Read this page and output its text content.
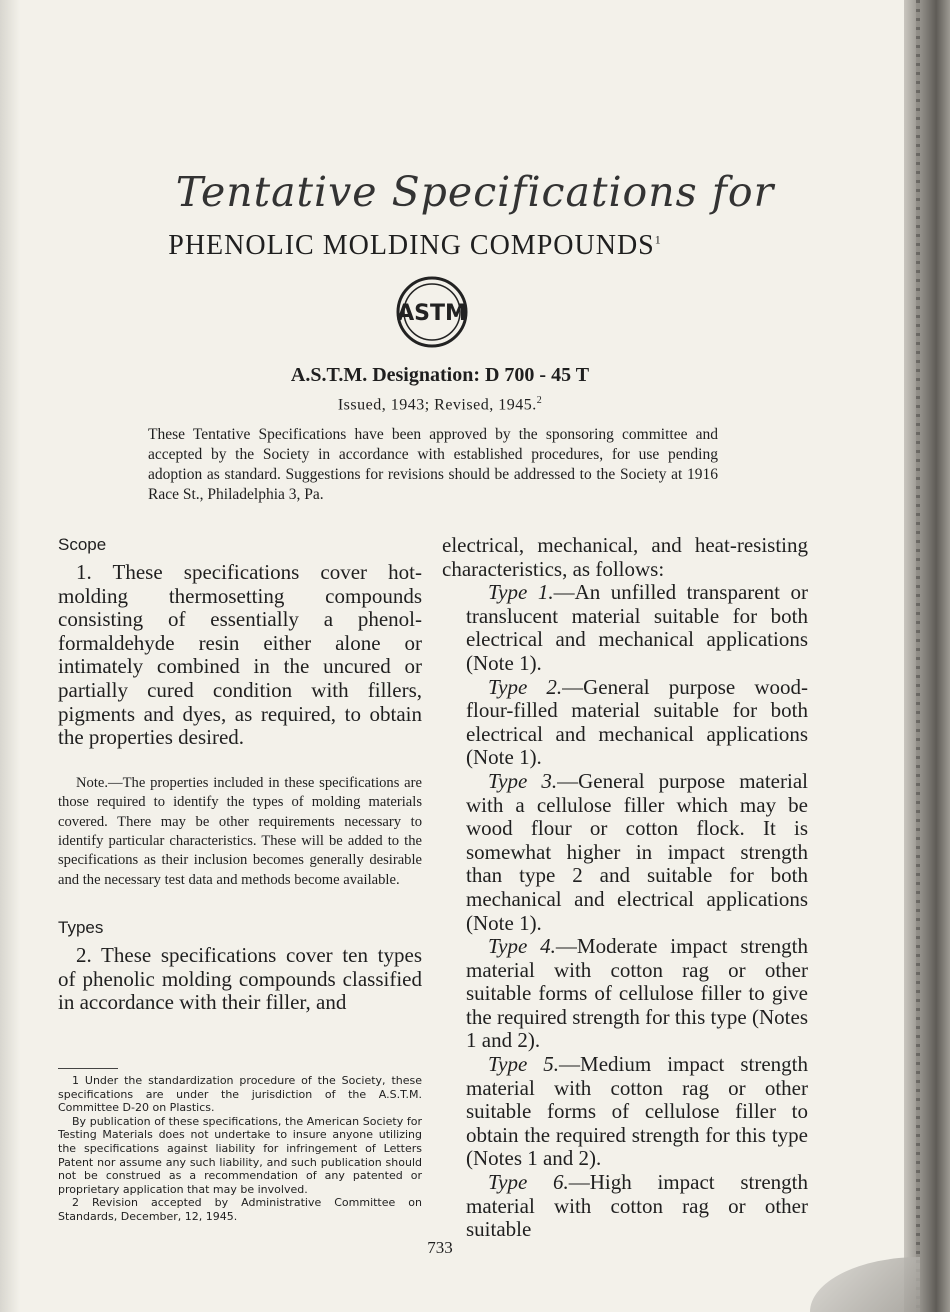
Tentative Specifications for
PHENOLIC MOLDING COMPOUNDS$^1$
ASTM
A.S.T.M. Designation: D 700 - 45 T
Issued, 1943; Revised, 1945.$^2$
These Tentative Specifications have been approved by the sponsoring committee and accepted by the Society in accordance with established procedures, for use pending adoption as standard. Suggestions for revisions should be addressed to the Society at 1916 Race St., Philadelphia 3, Pa.
Scope

1. These specifications cover hot-molding thermosetting compounds consisting of essentially a phenol-formaldehyde resin either alone or intimately combined in the uncured or partially cured condition with fillers, pigments and dyes, as required, to obtain the properties desired.

Note.—The properties included in these specifications are those required to identify the types of molding materials covered. There may be other requirements necessary to identify particular characteristics. These will be added to the specifications as their inclusion becomes generally desirable and the necessary test data and methods become available.

Types

2. These specifications cover ten types of phenolic molding compounds classified in accordance with their filler, and

electrical, mechanical, and heat-resisting characteristics, as follows:

Type 1.—An unfilled transparent or translucent material suitable for both electrical and mechanical applications (Note 1).

Type 2.—General purpose wood-flour-filled material suitable for both electrical and mechanical applications (Note 1).

Type 3.—General purpose material with a cellulose filler which may be wood flour or cotton flock. It is somewhat higher in impact strength than type 2 and suitable for both mechanical and electrical applications (Note 1).

Type 4.—Moderate impact strength material with cotton rag or other suitable forms of cellulose filler to give the required strength for this type (Notes 1 and 2).

Type 5.—Medium impact strength material with cotton rag or other suitable forms of cellulose filler to obtain the required strength for this type (Notes 1 and 2).

Type 6.—High impact strength material with cotton rag or other suitable

1 Under the standardization procedure of the Society, these specifications are under the jurisdiction of the A.S.T.M. Committee D-20 on Plastics.

By publication of these specifications, the American Society for Testing Materials does not undertake to insure anyone utilizing the specifications against liability for infringement of Letters Patent nor assume any such liability, and such publication should not be construed as a recommendation of any patented or proprietary application that may be involved.

2 Revision accepted by Administrative Committee on Standards, December, 12, 1945.

733
